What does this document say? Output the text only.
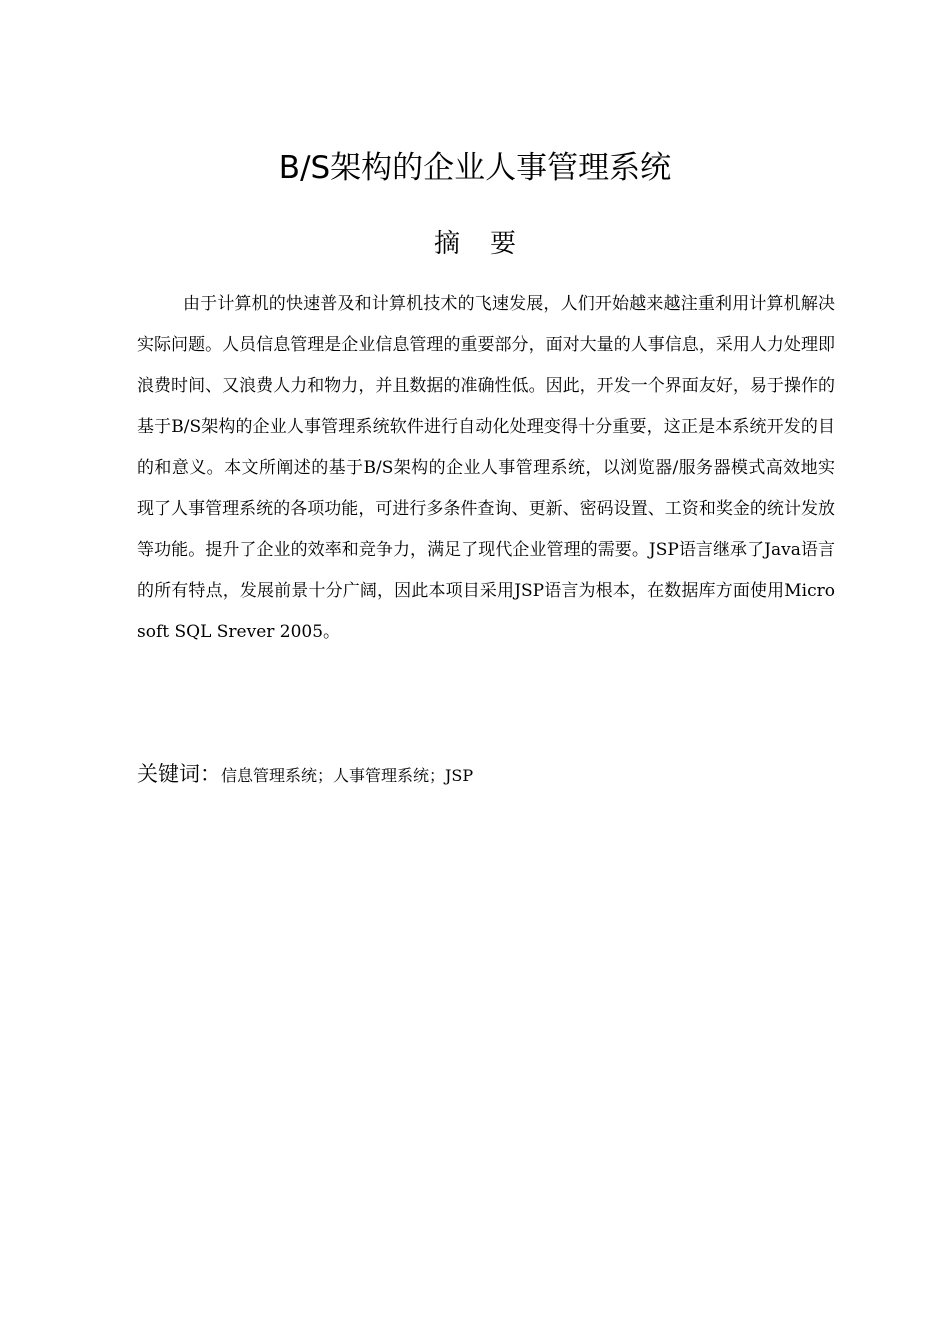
B/S架构的企业人事管理系统
摘要

由于计算机的快速普及和计算机技术的飞速发展，人们开始越来越注重利用计算机解决实际问题。人员信息管理是企业信息管理的重要部分，面对大量的人事信息，采用人力处理即浪费时间、又浪费人力和物力，并且数据的准确性低。因此，开发一个界面友好，易于操作的基于B/S架构的企业人事管理系统软件进行自动化处理变得十分重要，这正是本系统开发的目的和意义。本文所阐述的基于B/S架构的企业人事管理系统，以浏览器/服务器模式高效地实现了人事管理系统的各项功能，可进行多条件查询、更新、密码设置、工资和奖金的统计发放等功能。提升了企业的效率和竞争力，满足了现代企业管理的需要。JSP语言继承了Java语言的所有特点，发展前景十分广阔，因此本项目采用JSP语言为根本，在数据库方面使用Microsoft SQL Srever 2005。

关键词：信息管理系统；人事管理系统；JSP
